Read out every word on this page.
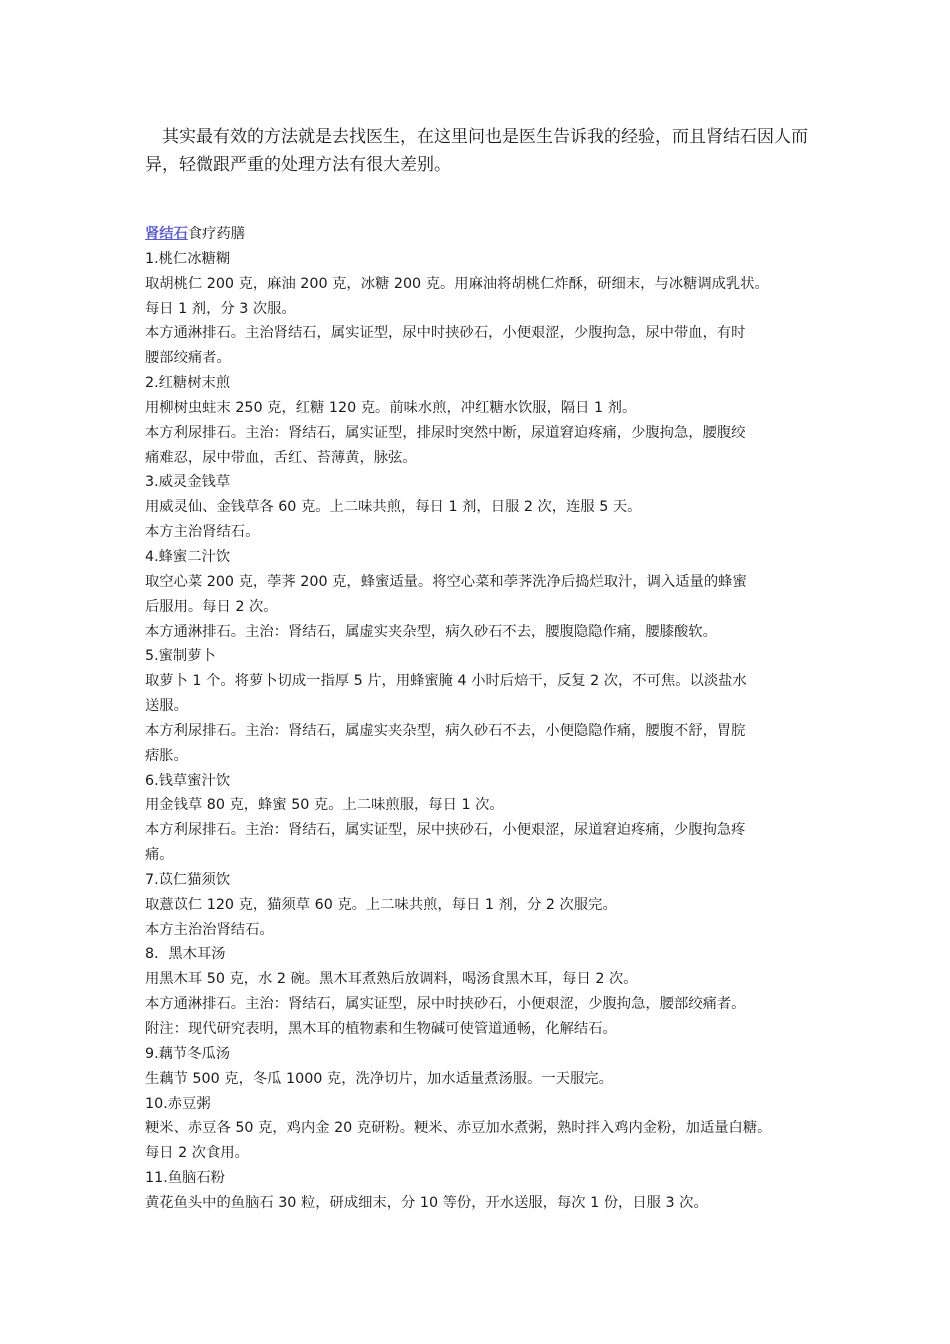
其实最有效的方法就是去找医生，在这里问也是医生告诉我的经验，而且肾结石因人而异，轻微跟严重的处理方法有很大差别。

肾结石食疗药膳
1.桃仁冰糖糊
取胡桃仁 200 克，麻油 200 克，冰糖 200 克。用麻油将胡桃仁炸酥，研细末，与冰糖调成乳状。
每日 1 剂，分 3 次服。
本方通淋排石。主治肾结石，属实证型，尿中时挟砂石，小便艰涩，少腹拘急，尿中带血，有时
腰部绞痛者。
2.红糖树末煎
用柳树虫蛀末 250 克，红糖 120 克。前味水煎，冲红糖水饮服，隔日 1 剂。
本方利尿排石。主治：肾结石，属实证型，排尿时突然中断，尿道窘迫疼痛，少腹拘急，腰腹绞
痛难忍，尿中带血，舌红、苔薄黄，脉弦。
3.威灵金钱草
用威灵仙、金钱草各 60 克。上二味共煎，每日 1 剂，日服 2 次，连服 5 天。
本方主治肾结石。
4.蜂蜜二汁饮
取空心菜 200 克，荸荠 200 克，蜂蜜适量。将空心菜和荸荠洗净后捣烂取汁，调入适量的蜂蜜
后服用。每日 2 次。
本方通淋排石。主治：肾结石，属虚实夹杂型，病久砂石不去，腰腹隐隐作痛，腰膝酸软。
5.蜜制萝卜
取萝卜 1 个。将萝卜切成一指厚 5 片，用蜂蜜腌 4 小时后焙干，反复 2 次，不可焦。以淡盐水
送服。
本方利尿排石。主治：肾结石，属虚实夹杂型，病久砂石不去，小便隐隐作痛，腰腹不舒，胃脘
痞胀。
6.钱草蜜汁饮
用金钱草 80 克，蜂蜜 50 克。上二味煎服，每日 1 次。
本方利尿排石。主治：肾结石，属实证型，尿中挟砂石，小便艰涩，尿道窘迫疼痛，少腹拘急疼
痛。
7.苡仁猫须饮
取薏苡仁 120 克，猫须草 60 克。上二味共煎，每日 1 剂，分 2 次服完。
本方主治治肾结石。
8．黑木耳汤
用黑木耳 50 克，水 2 碗。黑木耳煮熟后放调料，喝汤食黑木耳，每日 2 次。
本方通淋排石。主治：肾结石，属实证型，尿中时挟砂石，小便艰涩，少腹拘急，腰部绞痛者。
附注：现代研究表明，黑木耳的植物素和生物碱可使管道通畅，化解结石。
9.藕节冬瓜汤
生藕节 500 克，冬瓜 1000 克，洗净切片，加水适量煮汤服。一天服完。
10.赤豆粥
粳米、赤豆各 50 克，鸡内金 20 克研粉。粳米、赤豆加水煮粥，熟时拌入鸡内金粉，加适量白糖。
每日 2 次食用。
11.鱼脑石粉
黄花鱼头中的鱼脑石 30 粒，研成细末，分 10 等份，开水送服，每次 1 份，日服 3 次。
